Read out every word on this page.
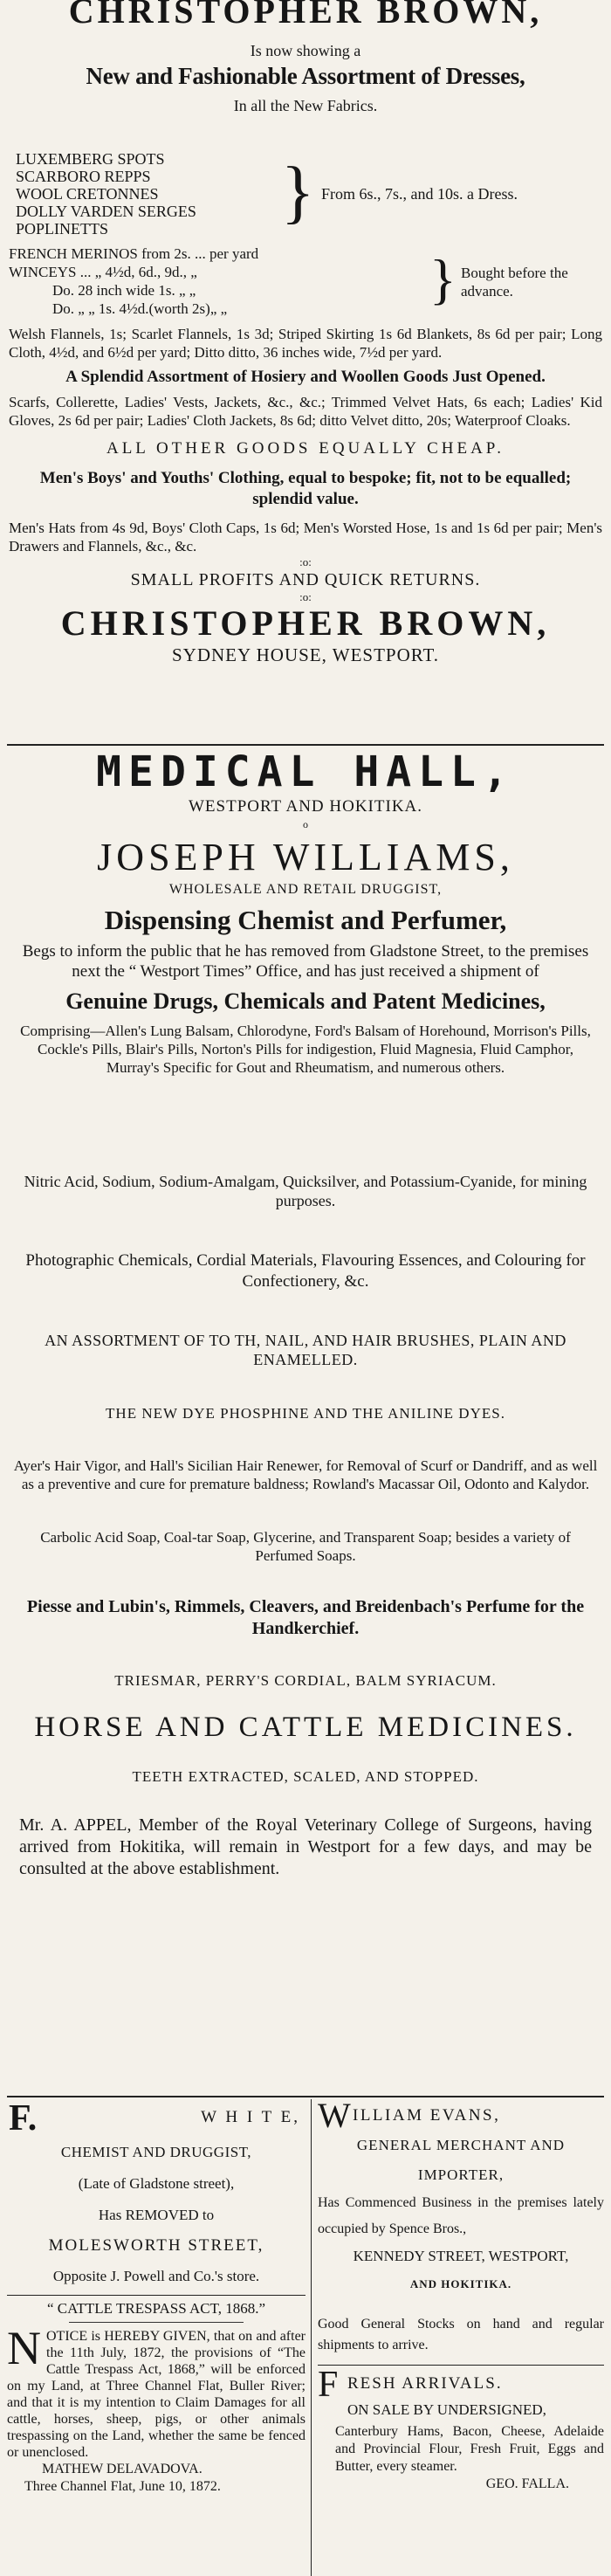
CHRISTOPHER BROWN,
Is now showing a
New and Fashionable Assortment of Dresses,
In all the New Fabrics.
LUXEMBERG SPOTS
SCARBORO REPPS
WOOL CRETONNES
DOLLY VARDEN SERGES
POPLINETTS	} From 6s., 7s., and 10s. a Dress.
FRENCH MERINOS from 2s. ... per yard
WINCEYS ... „ 4½d, 6d., 9d., „
Do. 28 inch wide 1s. „ „
Do. „ „ 1s. 4½d.(worth 2s)„ „	} Bought before the advance.

Welsh Flannels, 1s; Scarlet Flannels, 1s 3d; Striped Skirting 1s 6d Blankets, 8s 6d per pair; Long Cloth, 4½d, and 6½d per yard; Ditto ditto, 36 inches wide, 7½d per yard.

A Splendid Assortment of Hosiery and Woollen Goods Just Opened.

Scarfs, Collerette, Ladies' Vests, Jackets, &c., &c.; Trimmed Velvet Hats, 6s each; Ladies' Kid Gloves, 2s 6d per pair; Ladies' Cloth Jackets, 8s 6d; ditto Velvet ditto, 20s; Waterproof Cloaks.

ALL OTHER GOODS EQUALLY CHEAP.

Men's Boys' and Youths' Clothing, equal to bespoke; fit, not to be equalled; splendid value.

Men's Hats from 4s 9d, Boys' Cloth Caps, 1s 6d; Men's Worsted Hose, 1s and 1s 6d per pair; Men's Drawers and Flannels, &c., &c.

:o:

SMALL PROFITS AND QUICK RETURNS.

:o:

CHRISTOPHER BROWN,

SYDNEY HOUSE, WESTPORT.

MEDICAL HALL,
WESTPORT AND HOKITIKA.
o
JOSEPH WILLIAMS,
WHOLESALE AND RETAIL DRUGGIST,
Dispensing Chemist and Perfumer,

Begs to inform the public that he has removed from Gladstone Street, to the premises next the “ Westport Times” Office, and has just received a shipment of

Genuine Drugs, Chemicals and Patent Medicines,

Comprising—Allen's Lung Balsam, Chlorodyne, Ford's Balsam of Horehound, Morrison's Pills, Cockle's Pills, Blair's Pills, Norton's Pills for indigestion, Fluid Magnesia, Fluid Camphor, Murray's Specific for Gout and Rheumatism, and numerous others.

Nitric Acid, Sodium, Sodium-Amalgam, Quicksilver, and Potassium-Cyanide, for mining purposes.

Photographic Chemicals, Cordial Materials, Flavouring Essences, and Colouring for Confectionery, &c.

AN ASSORTMENT OF TO TH, NAIL, AND HAIR BRUSHES, PLAIN AND ENAMELLED.

THE NEW DYE PHOSPHINE AND THE ANILINE DYES.

Ayer's Hair Vigor, and Hall's Sicilian Hair Renewer, for Removal of Scurf or Dandriff, and as well as a preventive and cure for premature baldness; Rowland's Macassar Oil, Odonto and Kalydor.

Carbolic Acid Soap, Coal-tar Soap, Glycerine, and Transparent Soap; besides a variety of Perfumed Soaps.

Piesse and Lubin's, Rimmels, Cleavers, and Breidenbach's Perfume for the Handkerchief.

TRIESMAR, PERRY'S CORDIAL, BALM SYRIACUM.

HORSE AND CATTLE MEDICINES.

TEETH EXTRACTED, SCALED, AND STOPPED.

Mr. A. APPEL, Member of the Royal Veterinary College of Surgeons, having arrived from Hokitika, will remain in Westport for a few days, and may be consulted at the above establishment.

F.	W H I T E,
CHEMIST AND DRUGGIST,
(Late of Gladstone street),
Has REMOVED to
MOLESWORTH STREET,
Opposite J. Powell and Co.'s store.
“ CATTLE TRESPASS ACT, 1868.”
N OTICE is HEREBY GIVEN, that on and after the 11th July, 1872, the provisions of “The Cattle Trespass Act, 1868,” will be enforced on my Land, at Three Channel Flat, Buller River; and that it is my intention to Claim Damages for all cattle, horses, sheep, pigs, or other animals trespassing on the Land, whether the same be fenced or unenclosed.

MATHEW DELAVADOVA.
Three Channel Flat, June 10, 1872.
W ILLIAM EVANS,
GENERAL MERCHANT AND
IMPORTER,

Has Commenced Business in the premises lately occupied by Spence Bros.,

KENNEDY STREET, WESTPORT,
AND HOKITIKA.

Good General Stocks on hand and regular shipments to arrive.

F RESH ARRIVALS.
ON SALE BY UNDERSIGNED,

Canterbury Hams, Bacon, Cheese, Adelaide and Provincial Flour, Fresh Fruit, Eggs and Butter, every steamer.

GEO. FALLA.
